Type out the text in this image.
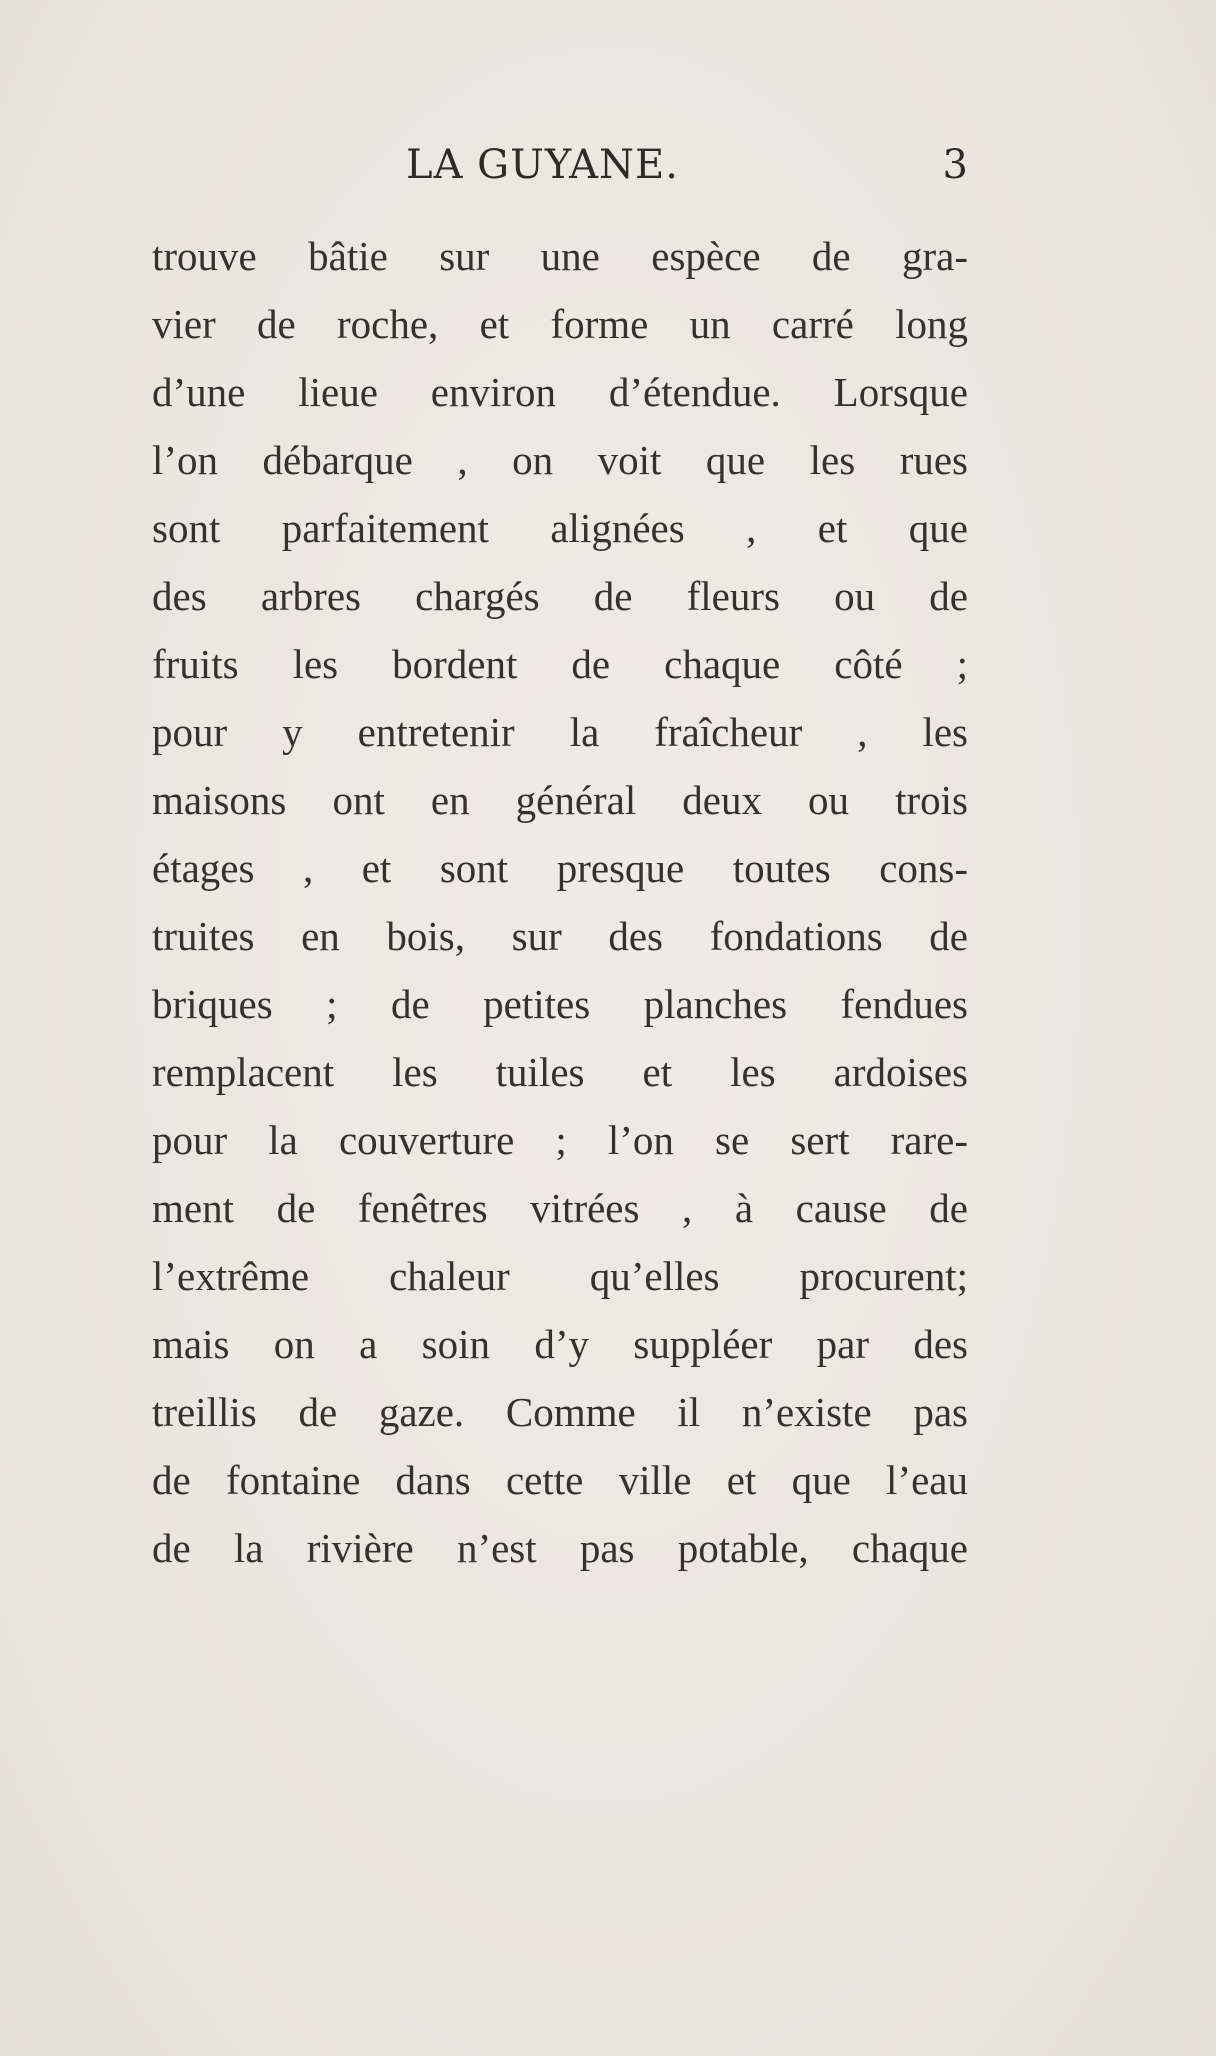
LA GUYANE.	3
trouve bâtie sur une espèce de gra-
vier de roche, et forme un carré long
d’une lieue environ d’étendue. Lorsque
l’on débarque , on voit que les rues
sont parfaitement alignées , et que
des arbres chargés de fleurs ou de
fruits les bordent de chaque côté ;
pour y entretenir la fraîcheur , les
maisons ont en général deux ou trois
étages , et sont presque toutes cons-
truites en bois, sur des fondations de
briques ; de petites planches fendues
remplacent les tuiles et les ardoises
pour la couverture ; l’on se sert rare-
ment de fenêtres vitrées , à cause de
l’extrême chaleur qu’elles procurent;
mais on a soin d’y suppléer par des
treillis de gaze. Comme il n’existe pas
de fontaine dans cette ville et que l’eau
de la rivière n’est pas potable, chaque
